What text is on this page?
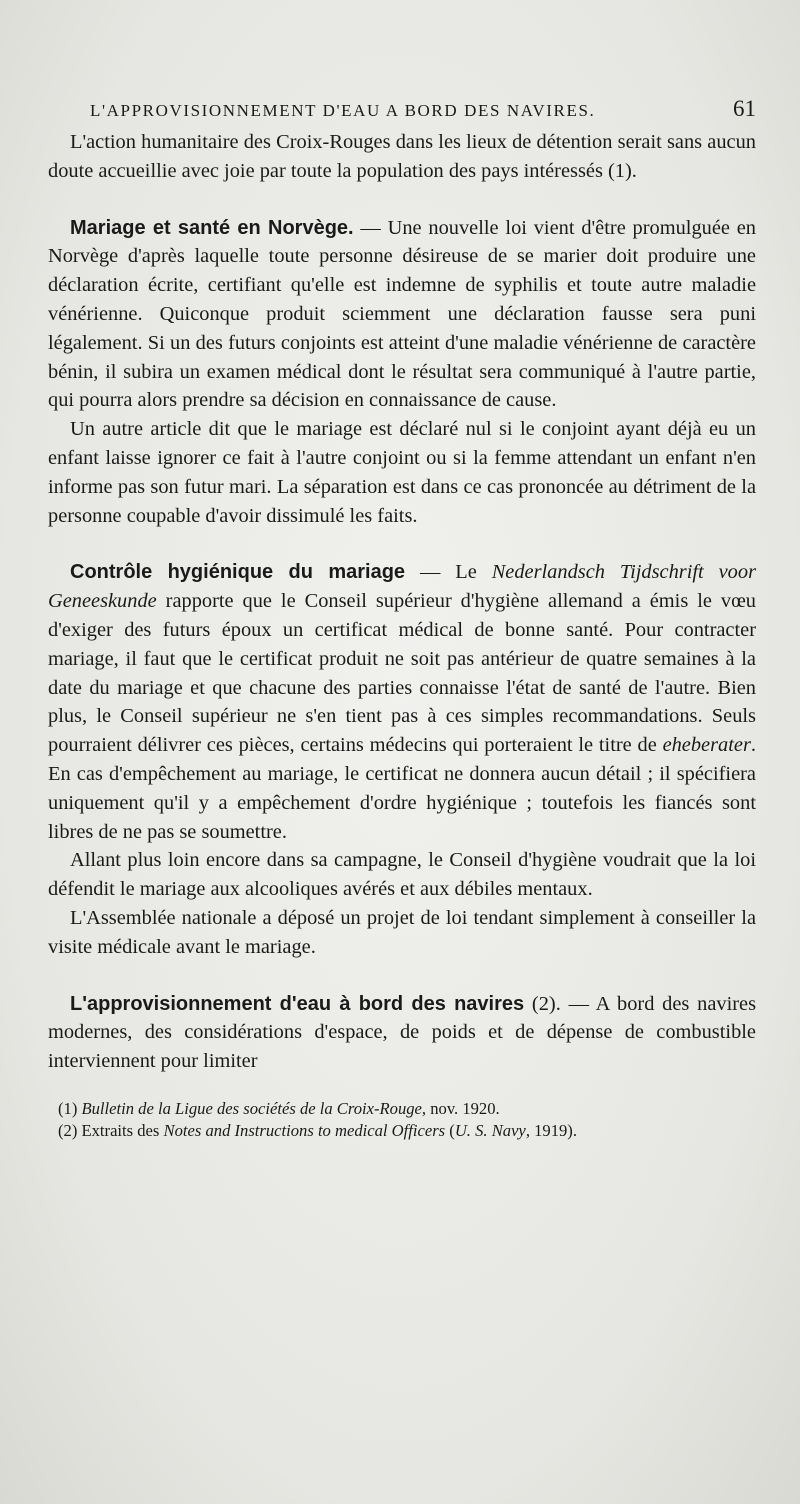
L'APPROVISIONNEMENT D'EAU A BORD DES NAVIRES.	61

L'action humanitaire des Croix-Rouges dans les lieux de détention serait sans aucun doute accueillie avec joie par toute la population des pays intéressés (1).

Mariage et santé en Norvège. — Une nouvelle loi vient d'être promulguée en Norvège d'après laquelle toute personne désireuse de se marier doit produire une déclaration écrite, certifiant qu'elle est indemne de syphilis et toute autre maladie vénérienne. Quiconque produit sciemment une déclaration fausse sera puni légalement. Si un des futurs conjoints est atteint d'une maladie vénérienne de caractère bénin, il subira un examen médical dont le résultat sera communiqué à l'autre partie, qui pourra alors prendre sa décision en connaissance de cause.

Un autre article dit que le mariage est déclaré nul si le conjoint ayant déjà eu un enfant laisse ignorer ce fait à l'autre conjoint ou si la femme attendant un enfant n'en informe pas son futur mari. La séparation est dans ce cas prononcée au détriment de la personne coupable d'avoir dissimulé les faits.

Contrôle hygiénique du mariage — Le Nederlandsch Tijdschrift voor Geneeskunde rapporte que le Conseil supérieur d'hygiène allemand a émis le vœu d'exiger des futurs époux un certificat médical de bonne santé. Pour contracter mariage, il faut que le certificat produit ne soit pas antérieur de quatre semaines à la date du mariage et que chacune des parties connaisse l'état de santé de l'autre. Bien plus, le Conseil supérieur ne s'en tient pas à ces simples recommandations. Seuls pourraient délivrer ces pièces, certains médecins qui porteraient le titre de eheberater. En cas d'empêchement au mariage, le certificat ne donnera aucun détail ; il spécifiera uniquement qu'il y a empêchement d'ordre hygiénique ; toutefois les fiancés sont libres de ne pas se soumettre.

Allant plus loin encore dans sa campagne, le Conseil d'hygiène voudrait que la loi défendit le mariage aux alcooliques avérés et aux débiles mentaux.

L'Assemblée nationale a déposé un projet de loi tendant simplement à conseiller la visite médicale avant le mariage.

L'approvisionnement d'eau à bord des navires (2). — A bord des navires modernes, des considérations d'espace, de poids et de dépense de combustible interviennent pour limiter

(1) Bulletin de la Ligue des sociétés de la Croix-Rouge, nov. 1920.

(2) Extraits des Notes and Instructions to medical Officers (U. S. Navy, 1919).
